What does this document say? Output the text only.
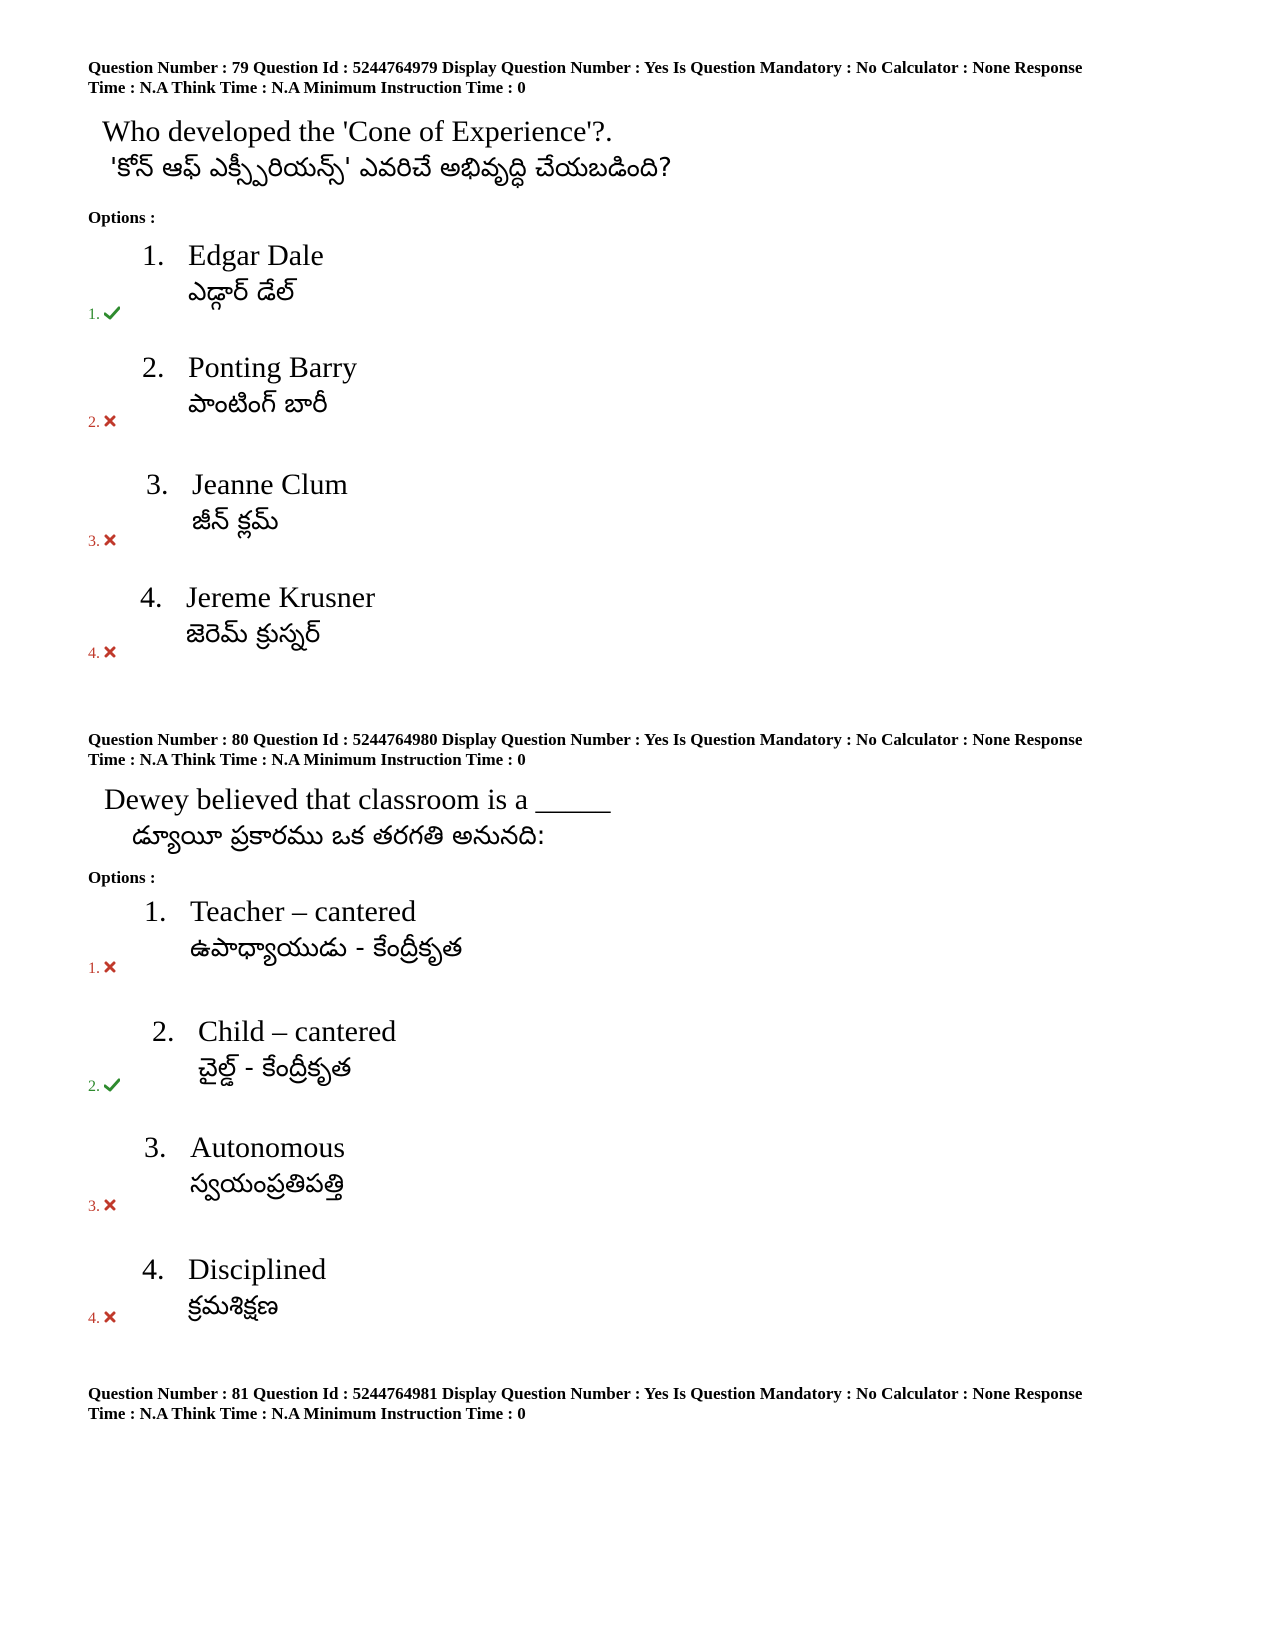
Question Number : 79 Question Id : 5244764979 Display Question Number : Yes Is Question Mandatory : No Calculator : None Response
Time : N.A Think Time : N.A Minimum Instruction Time : 0
Who developed the 'Cone of Experience'?.
'కోన్ ఆఫ్ ఎక్స్పీరియన్స్' ఎవరిచే అభివృద్ధి చేయబడింది?
Options :
1. Edgar Dale
ఎడ్గార్ డేల్
1.
2. Ponting Barry
పాంటింగ్ బారీ
2.
3. Jeanne Clum
జీన్ క్లమ్
3.
4. Jereme Krusner
జెరెమ్ క్రుస్నర్
4.
Question Number : 80 Question Id : 5244764980 Display Question Number : Yes Is Question Mandatory : No Calculator : None Response
Time : N.A Think Time : N.A Minimum Instruction Time : 0
Dewey believed that classroom is a _____
డ్యూయీ ప్రకారము ఒక తరగతి అనునది:
Options :
1. Teacher – cantered
ఉపాధ్యాయుడు - కేంద్రీకృత
1.
2. Child – cantered
చైల్డ్ - కేంద్రీకృత
2.
3. Autonomous
స్వయంప్రతిపత్తి
3.
4. Disciplined
క్రమశిక్షణ
4.
Question Number : 81 Question Id : 5244764981 Display Question Number : Yes Is Question Mandatory : No Calculator : None Response
Time : N.A Think Time : N.A Minimum Instruction Time : 0
